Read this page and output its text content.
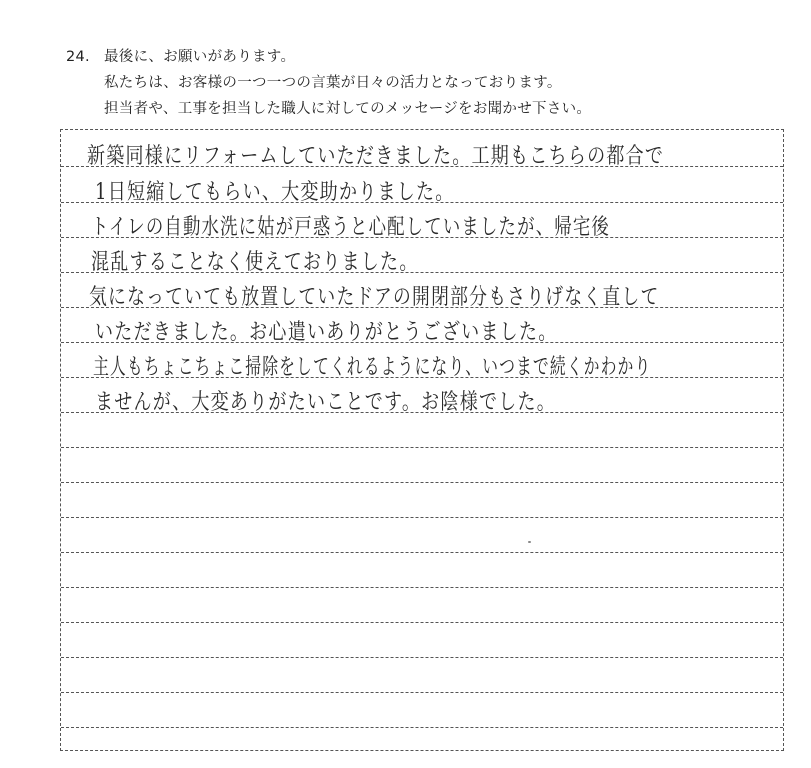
24. 最後に、お願いがあります。
私たちは、お客様の一つ一つの言葉が日々の活力となっております。
担当者や、工事を担当した職人に対してのメッセージをお聞かせ下さい。
新築同様にリフォームしていただきました。工期もこちらの都合で
1日短縮してもらい、大変助かりました。
トイレの自動水洗に姑が戸惑うと心配していましたが、帰宅後
混乱することなく使えておりました。
気になっていても放置していたドアの開閉部分もさりげなく直して
いただきました。お心遣いありがとうございました。
主人もちょこちょこ掃除をしてくれるようになり、いつまで続くかわかり
ませんが、大変ありがたいことです。お陰様でした。
